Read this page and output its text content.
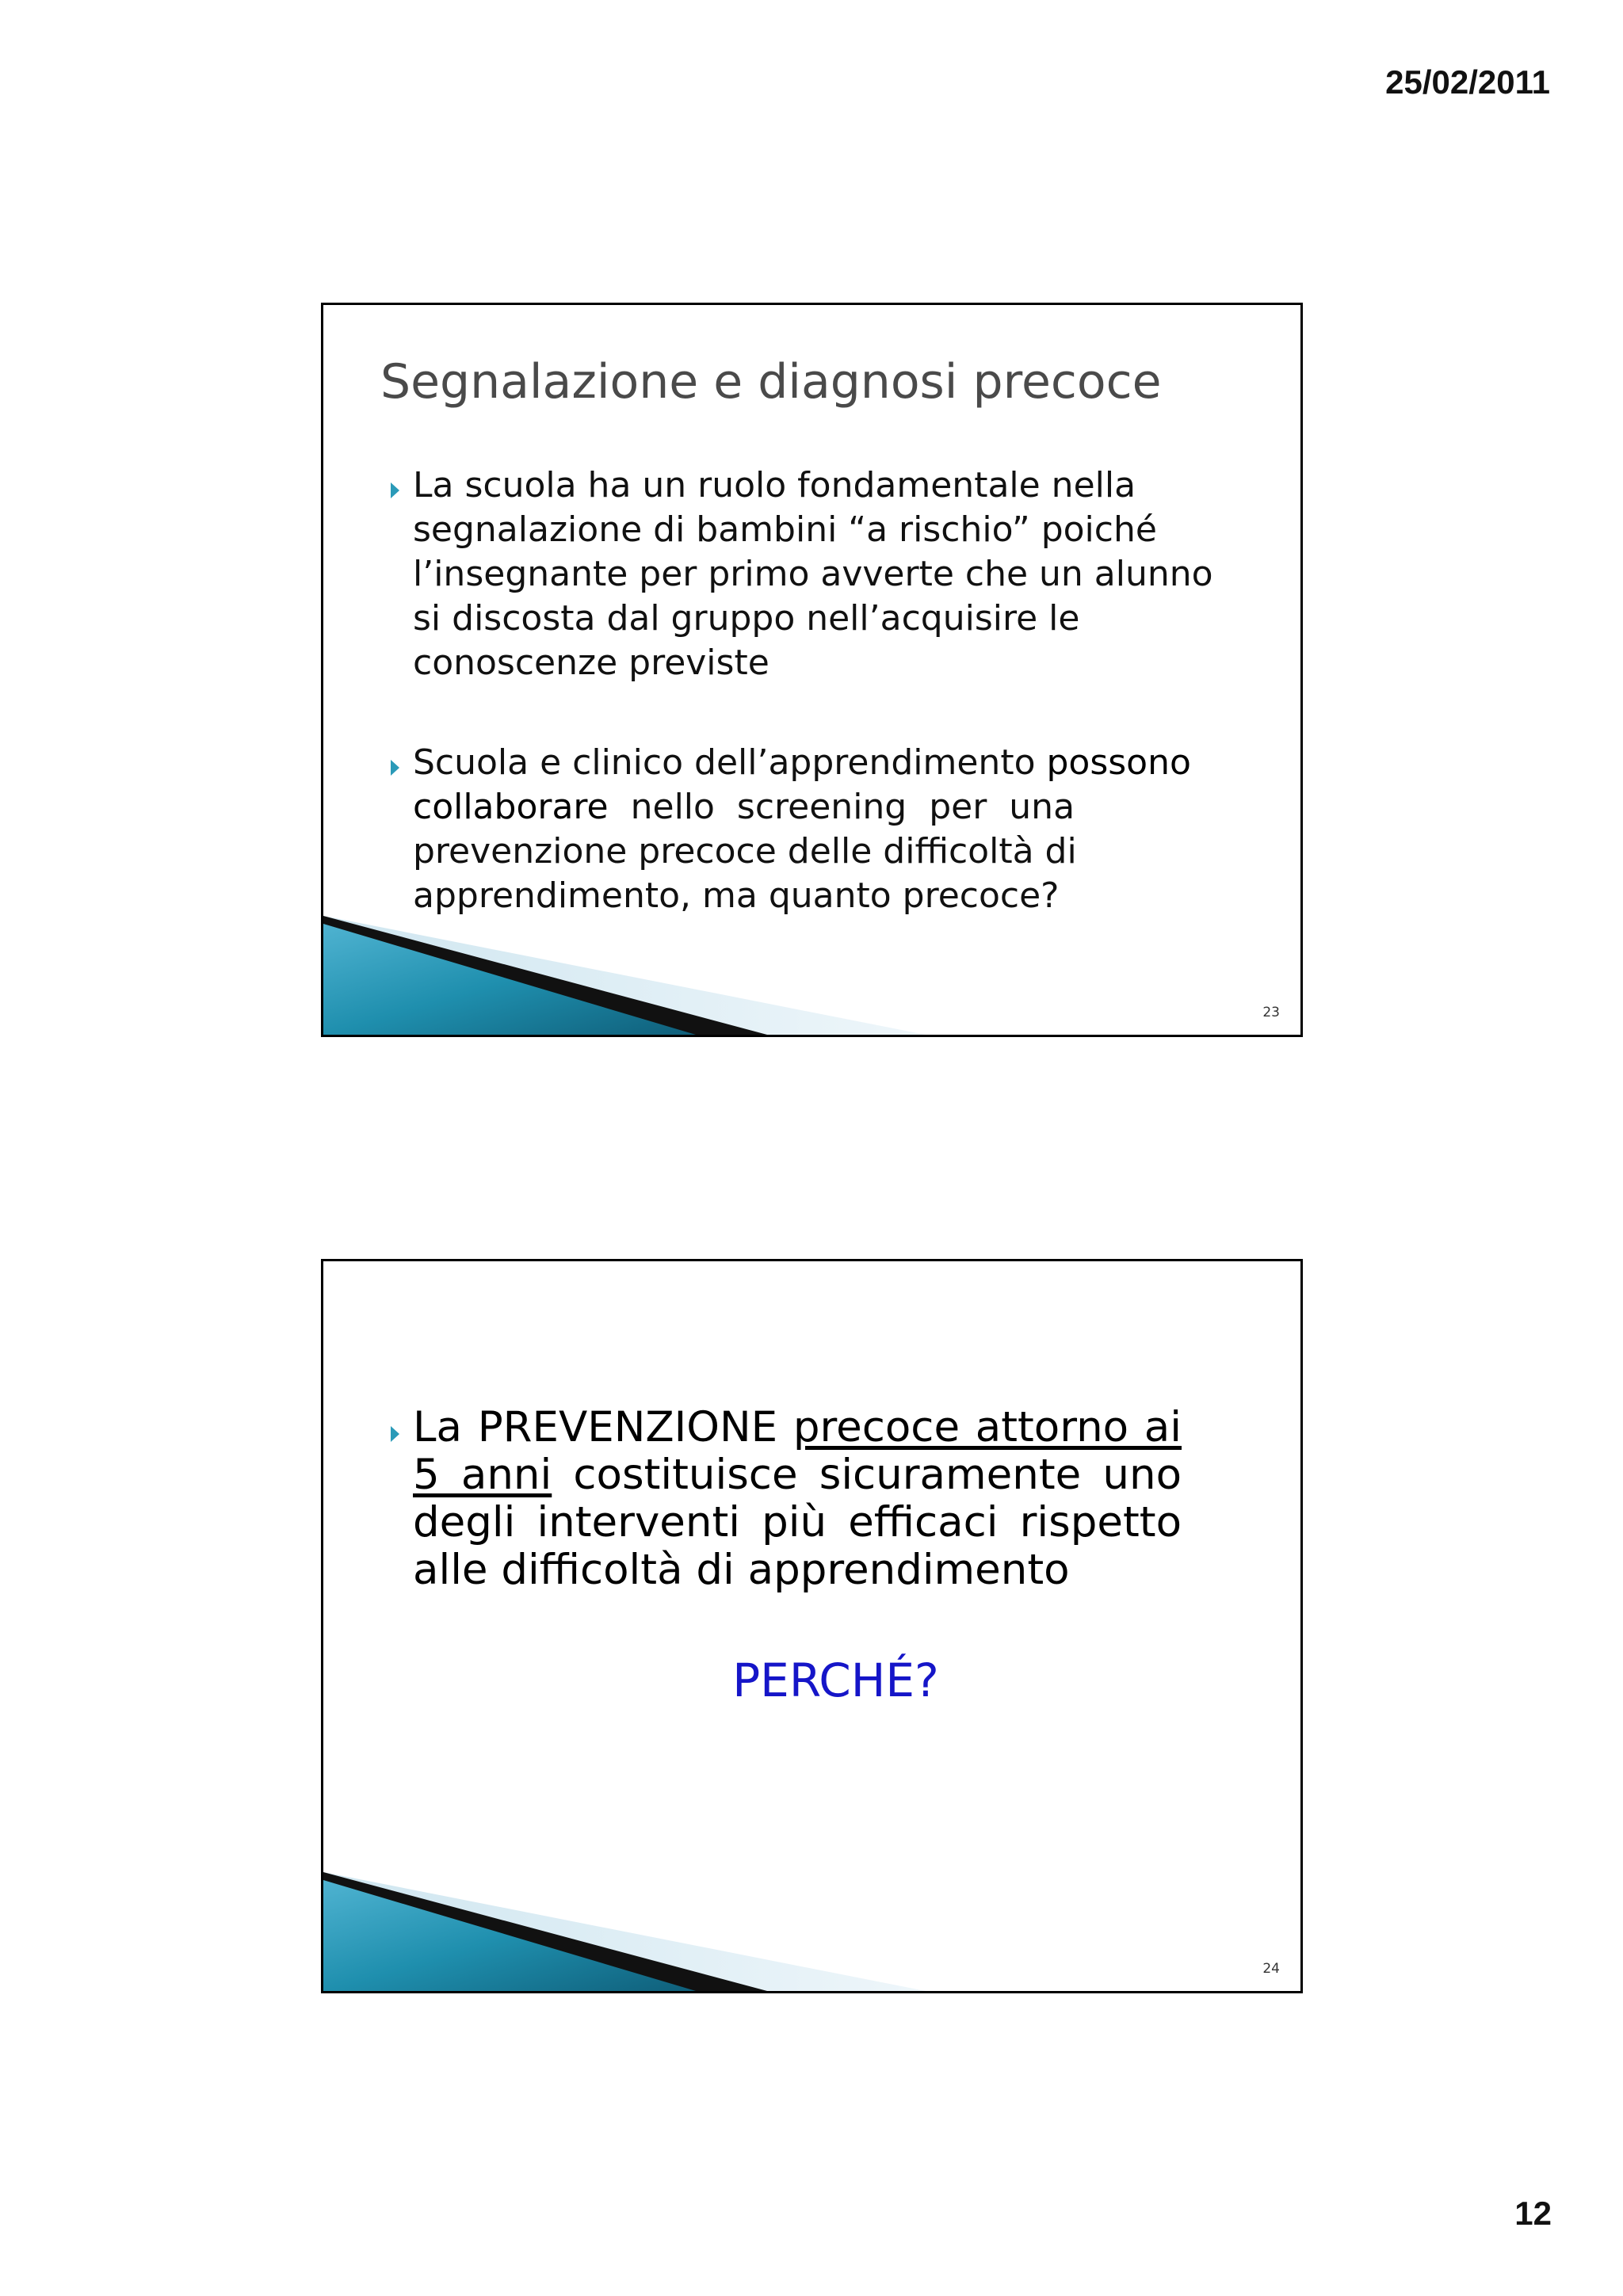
25/02/2011
Segnalazione e diagnosi precoce
La scuola ha un ruolo fondamentale nella
segnalazione di bambini “a rischio” poiché
l’insegnante per primo avverte che un alunno
si discosta dal gruppo nell’acquisire le
conoscenze previste
Scuola e clinico dell’apprendimento possono
collaborare nello screening per una
prevenzione precoce delle difficoltà di
apprendimento, ma quanto precoce?
23
La PREVENZIONE precoce attorno ai 5 anni costituisce sicuramente uno degli interventi più efficaci rispetto alle difficoltà di apprendimento
PERCHÉ?
24
12
